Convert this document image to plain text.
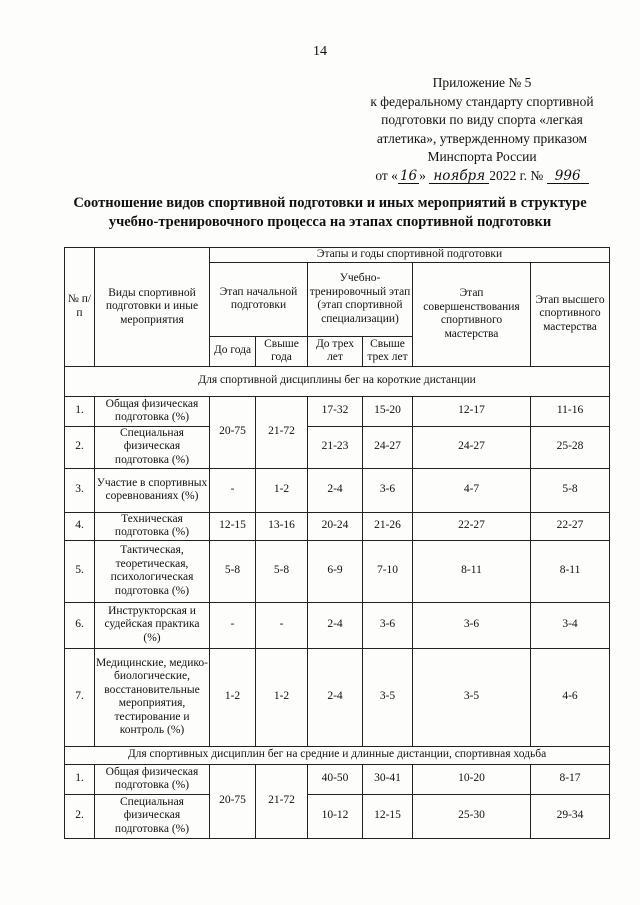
14
Приложение № 5
к федеральному стандарту спортивной
подготовки по виду спорта «легкая
атлетика», утвержденному приказом
Минспорта России
от « 16 » ноября 2022 г. № 996
Соотношение видов спортивной подготовки и иных мероприятий в структуре
учебно-тренировочного процесса на этапах спортивной подготовки
№ п/п	Виды спортивной подготовки и иные мероприятия	Этапы и годы спортивной подготовки					
		Этап начальной подготовки		Учебно-тренировочный этап (этап спортивной специализации)		Этап совершенствования спортивного мастерства	Этап высшего спортивного мастерства
		До года	Свыше года	До трех лет	Свыше трех лет		
Для спортивной дисциплины бег на короткие дистанции							
1.	Общая физическая подготовка (%)	20-75	21-72	17-32	15-20	12-17	11-16
2.	Специальная физическая подготовка (%)			21-23	24-27	24-27	25-28
3.	Участие в спортивных соревнованиях (%)	-	1-2	2-4	3-6	4-7	5-8
4.	Техническая подготовка (%)	12-15	13-16	20-24	21-26	22-27	22-27
5.	Тактическая, теоретическая, психологическая подготовка (%)	5-8	5-8	6-9	7-10	8-11	8-11
6.	Инструкторская и судейская практика (%)	-	-	2-4	3-6	3-6	3-4
7.	Медицинские, медико-биологические, восстановительные мероприятия, тестирование и контроль (%)	1-2	1-2	2-4	3-5	3-5	4-6
Для спортивных дисциплин бег на средние и длинные дистанции, спортивная ходьба							
1.	Общая физическая подготовка (%)	20-75	21-72	40-50	30-41	10-20	8-17
2.	Специальная физическая подготовка (%)			10-12	12-15	25-30	29-34
